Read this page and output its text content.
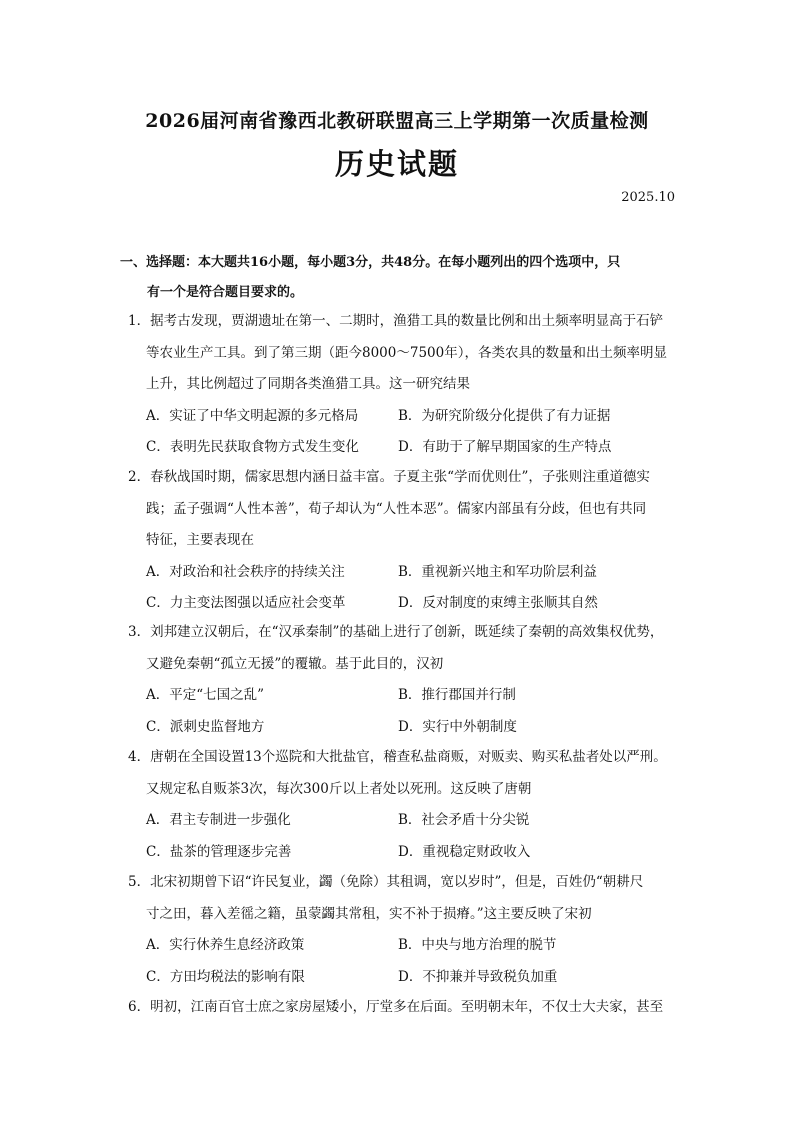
2026届河南省豫西北教研联盟高三上学期第一次质量检测
历史试题
2025.10
一、选择题：本大题共16小题，每小题3分，共48分。在每小题列出的四个选项中，只
有一个是符合题目要求的。
1．据考古发现，贾湖遗址在第一、二期时，渔猎工具的数量比例和出土频率明显高于石铲
等农业生产工具。到了第三期（距今8000～7500年），各类农具的数量和出土频率明显
上升，其比例超过了同期各类渔猎工具。这一研究结果
A．实证了中华文明起源的多元格局	B．为研究阶级分化提供了有力证据
C．表明先民获取食物方式发生变化	D．有助于了解早期国家的生产特点
2．春秋战国时期，儒家思想内涵日益丰富。子夏主张“学而优则仕”，子张则注重道德实
践；孟子强调“人性本善”，荀子却认为“人性本恶”。儒家内部虽有分歧，但也有共同
特征，主要表现在
A．对政治和社会秩序的持续关注	B．重视新兴地主和军功阶层利益
C．力主变法图强以适应社会变革	D．反对制度的束缚主张顺其自然
3．刘邦建立汉朝后，在“汉承秦制”的基础上进行了创新，既延续了秦朝的高效集权优势，
又避免秦朝“孤立无援”的覆辙。基于此目的，汉初
A．平定“七国之乱”	B．推行郡国并行制
C．派刺史监督地方	D．实行中外朝制度
4．唐朝在全国设置13个巡院和大批盐官，稽查私盐商贩，对贩卖、购买私盐者处以严刑。
又规定私自贩茶3次，每次300斤以上者处以死刑。这反映了唐朝
A．君主专制进一步强化	B．社会矛盾十分尖锐
C．盐茶的管理逐步完善	D．重视稳定财政收入
5．北宋初期曾下诏“许民复业，蠲（免除）其租调，宽以岁时”，但是，百姓仍“朝耕尺
寸之田，暮入差徭之籍，虽蒙蠲其常租，实不补于损瘠。”这主要反映了宋初
A．实行休养生息经济政策	B．中央与地方治理的脱节
C．方田均税法的影响有限	D．不抑兼并导致税负加重
6．明初，江南百官士庶之家房屋矮小，厅堂多在后面。至明朝末年，不仅士大夫家，甚至
